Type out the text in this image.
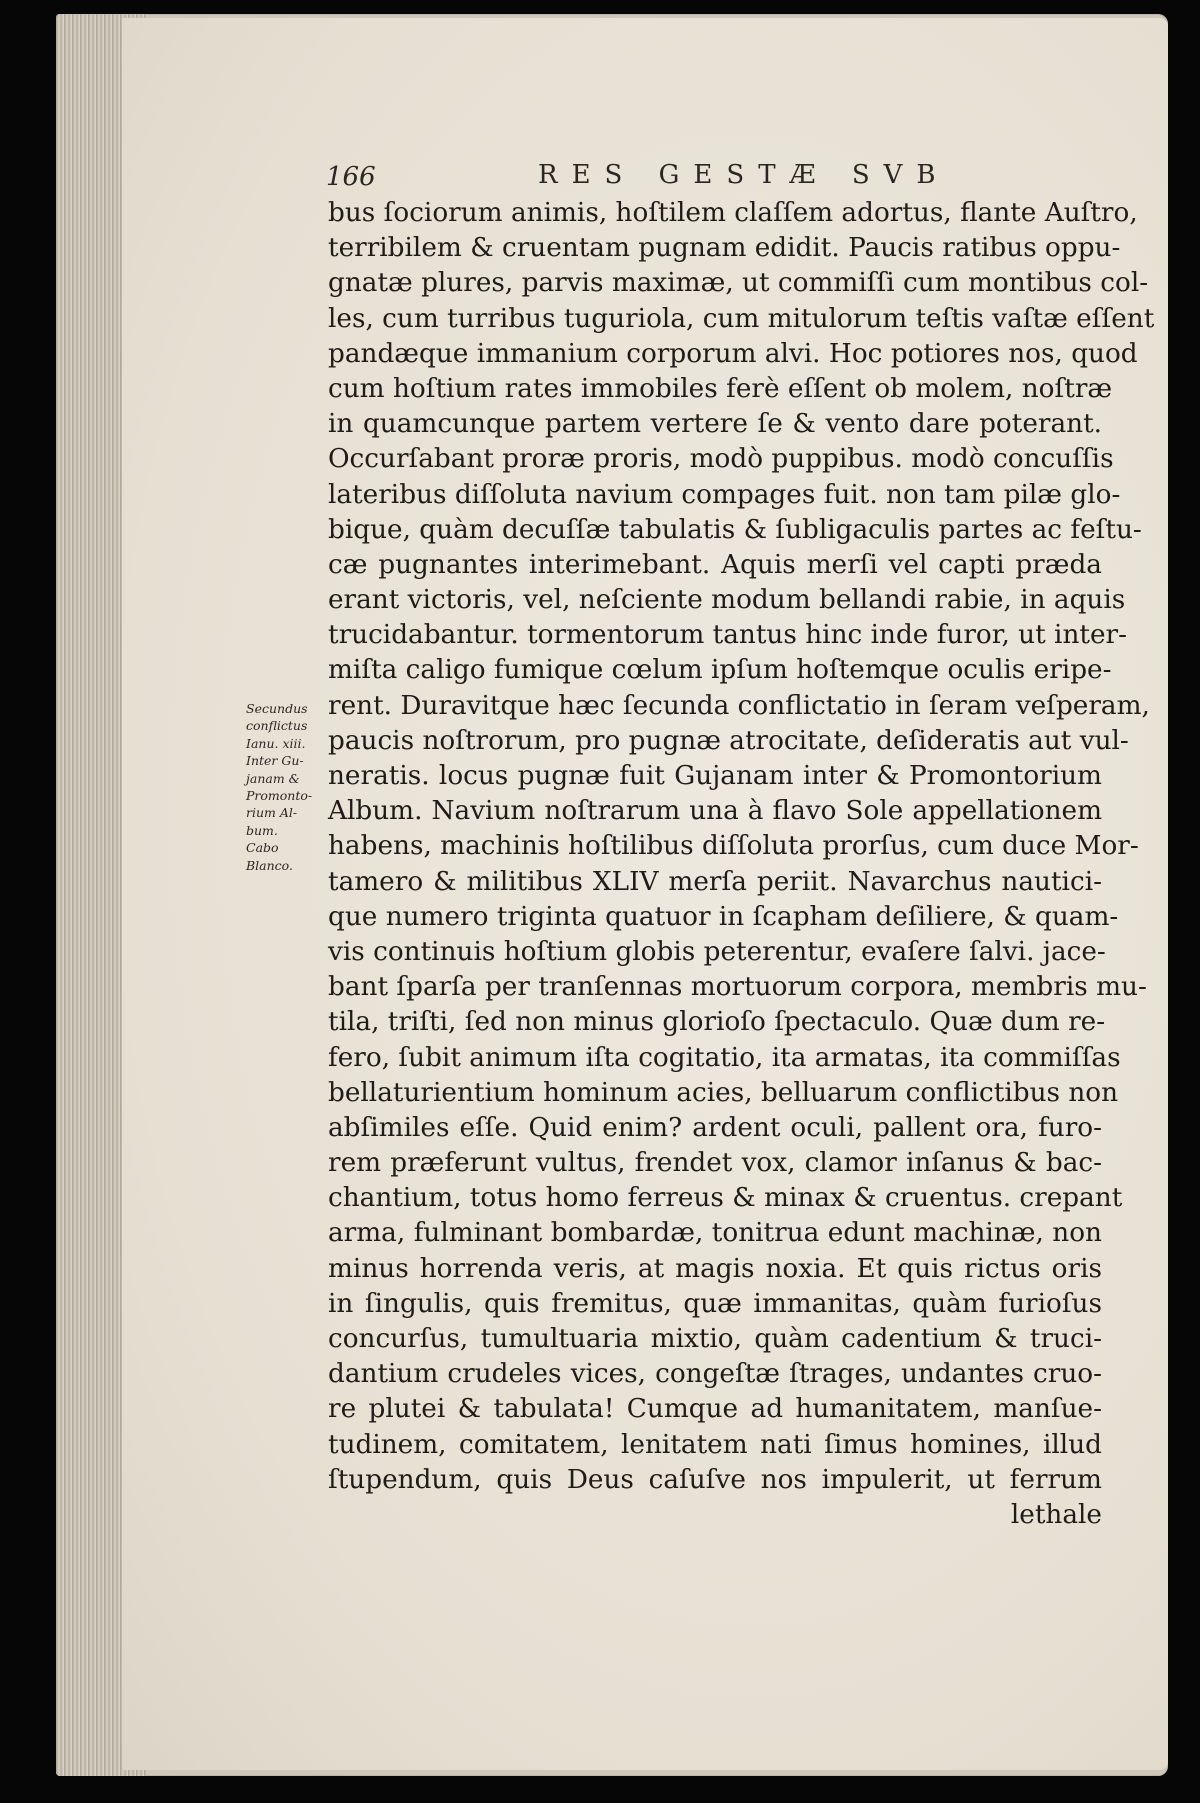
166	RES GESTÆ SVB
Secundus
conflictus
Ianu. xiii.
Inter Gu-
janam &
Promonto-
rium Al-
bum.
Cabo
Blanco.
bus ſociorum animis, hoſtilem claſſem adortus, flante Auſtro,
terribilem & cruentam pugnam edidit. Paucis ratibus oppu-
gnatæ plures, parvis maximæ, ut commiſſi cum montibus col-
les, cum turribus tuguriola, cum mitulorum teſtis vaſtæ eſſent
pandæque immanium corporum alvi. Hoc potiores nos, quod
cum hoſtium rates immobiles ferè eſſent ob molem, noſtræ
in quamcunque partem vertere ſe & vento dare poterant.
Occurſabant proræ proris, modò puppibus. modò concuſſis
lateribus diſſoluta navium compages fuit. non tam pilæ glo-
bique, quàm decuſſæ tabulatis & ſubligaculis partes ac feſtu-
cæ pugnantes interimebant. Aquis merſi vel capti præda
erant victoris, vel, neſciente modum bellandi rabie, in aquis
trucidabantur. tormentorum tantus hinc inde furor, ut inter-
miſta caligo fumique cœlum ipſum hoſtemque oculis eripe-
rent. Duravitque hæc ſecunda conflictatio in ſeram veſperam,
paucis noſtrorum, pro pugnæ atrocitate, deſideratis aut vul-
neratis. locus pugnæ fuit Gujanam inter & Promontorium
Album. Navium noſtrarum una à flavo Sole appellationem
habens, machinis hoſtilibus diſſoluta prorſus, cum duce Mor-
tamero & militibus XLIV merſa periit. Navarchus nautici-
que numero triginta quatuor in ſcapham deſiliere, & quam-
vis continuis hoſtium globis peterentur, evaſere ſalvi. jace-
bant ſparſa per tranſennas mortuorum corpora, membris mu-
tila, triſti, ſed non minus glorioſo ſpectaculo. Quæ dum re-
fero, ſubit animum iſta cogitatio, ita armatas, ita commiſſas
bellaturientium hominum acies, belluarum conflictibus non
abſimiles eſſe. Quid enim? ardent oculi, pallent ora, furo-
rem præferunt vultus, frendet vox, clamor inſanus & bac-
chantium, totus homo ferreus & minax & cruentus. crepant
arma, fulminant bombardæ, tonitrua edunt machinæ, non
minus horrenda veris, at magis noxia. Et quis rictus oris
in ſingulis, quis fremitus, quæ immanitas, quàm furioſus
concurſus, tumultuaria mixtio, quàm cadentium & truci-
dantium crudeles vices, congeſtæ ſtrages, undantes cruo-
re plutei & tabulata! Cumque ad humanitatem, manſue-
tudinem, comitatem, lenitatem nati ſimus homines, illud
ſtupendum, quis Deus caſuſve nos impulerit, ut ferrum
lethale
